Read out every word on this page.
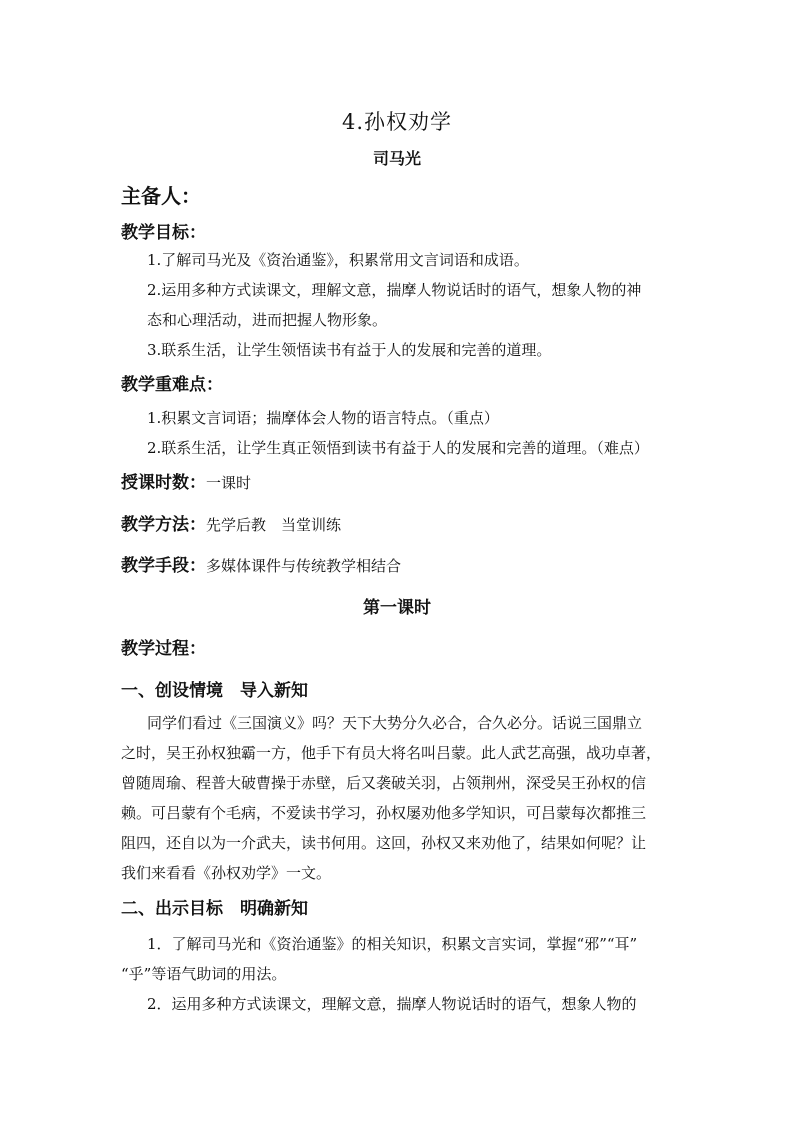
4.孙权劝学
司马光
主备人：
教学目标：
1.了解司马光及《资治通鉴》，积累常用文言词语和成语。
2.运用多种方式读课文，理解文意，揣摩人物说话时的语气，想象人物的神
态和心理活动，进而把握人物形象。
3.联系生活，让学生领悟读书有益于人的发展和完善的道理。
教学重难点：
1.积累文言词语；揣摩体会人物的语言特点。（重点）
2.联系生活，让学生真正领悟到读书有益于人的发展和完善的道理。（难点）
授课时数：一课时
教学方法：先学后教　当堂训练
教学手段：多媒体课件与传统教学相结合
第一课时
教学过程：
一、创设情境　导入新知
同学们看过《三国演义》吗？天下大势分久必合，合久必分。话说三国鼎立
之时，吴王孙权独霸一方，他手下有员大将名叫吕蒙。此人武艺高强，战功卓著，
曾随周瑜、程普大破曹操于赤壁，后又袭破关羽，占领荆州，深受吴王孙权的信
赖。可吕蒙有个毛病，不爱读书学习，孙权屡劝他多学知识，可吕蒙每次都推三
阻四，还自以为一介武夫，读书何用。这回，孙权又来劝他了，结果如何呢？让
我们来看看《孙权劝学》一文。
二、出示目标　明确新知
1．了解司马光和《资治通鉴》的相关知识，积累文言实词，掌握“邪”“耳”
“乎”等语气助词的用法。
2．运用多种方式读课文，理解文意，揣摩人物说话时的语气，想象人物的
